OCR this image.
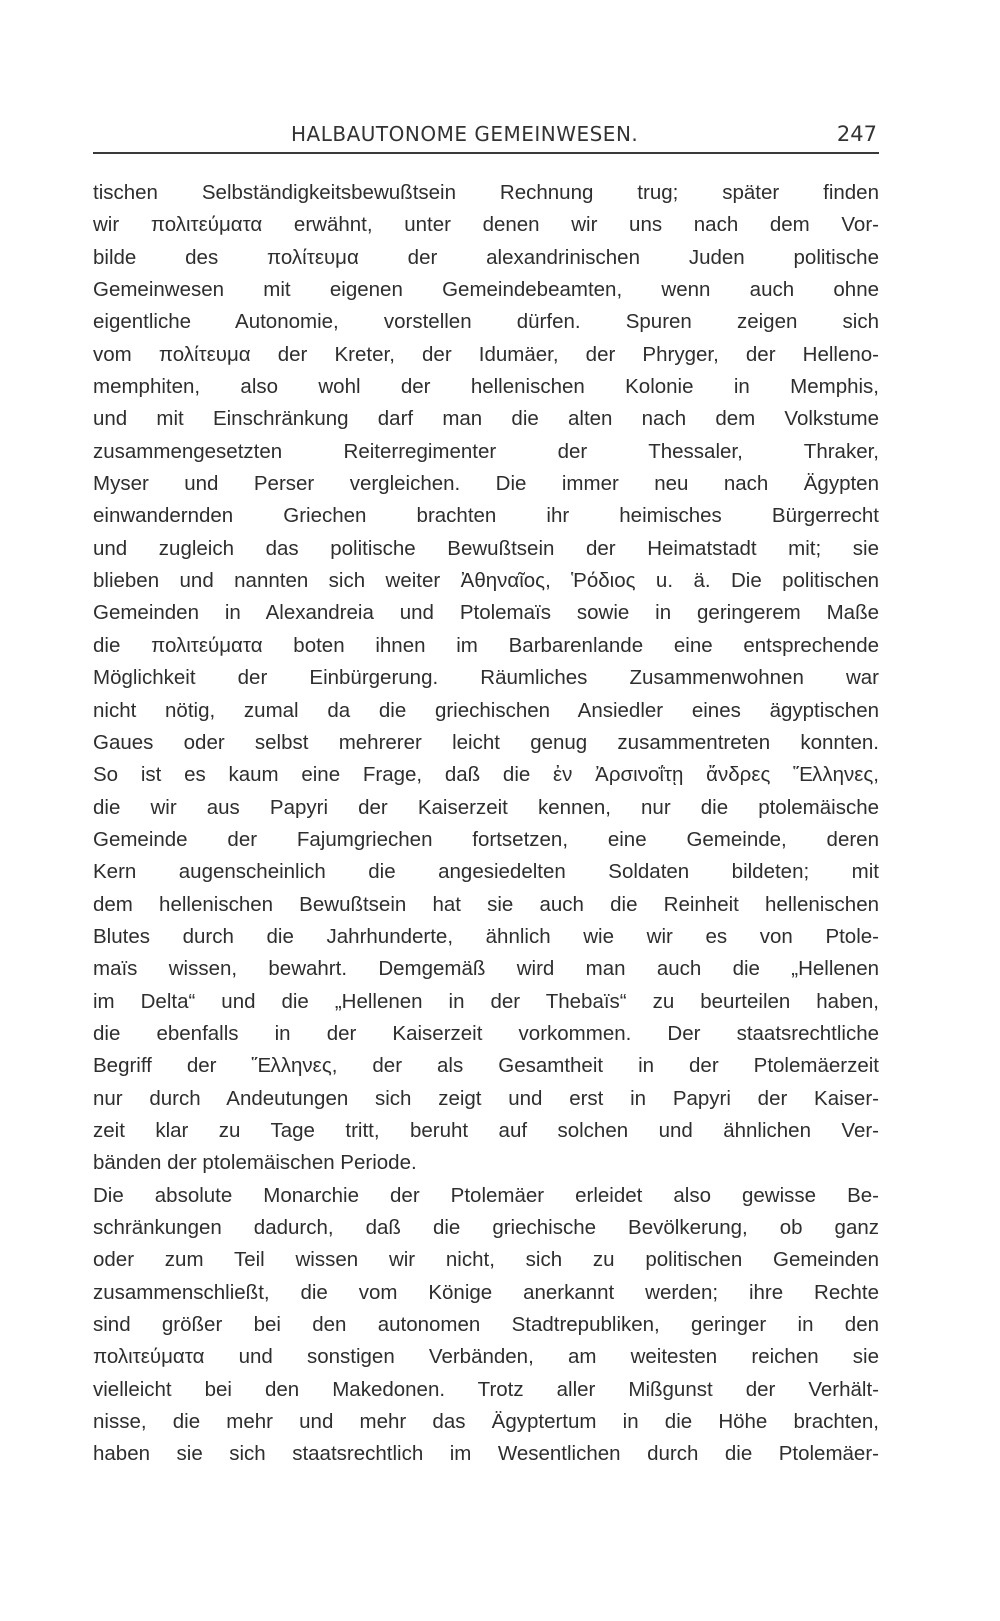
HALBAUTONOME GEMEINWESEN.	247
tischen Selbständigkeitsbewußtsein Rechnung trug; später finden
wir πολιτεύματα erwähnt, unter denen wir uns nach dem Vor-
bilde des πολίτευμα der alexandrinischen Juden politische
Gemeinwesen mit eigenen Gemeindebeamten, wenn auch ohne
eigentliche Autonomie, vorstellen dürfen. Spuren zeigen sich
vom πολίτευμα der Kreter, der Idumäer, der Phryger, der Helleno-
memphiten, also wohl der hellenischen Kolonie in Memphis,
und mit Einschränkung darf man die alten nach dem Volkstume
zusammengesetzten Reiterregimenter der Thessaler, Thraker,
Myser und Perser vergleichen. Die immer neu nach Ägypten
einwandernden Griechen brachten ihr heimisches Bürgerrecht
und zugleich das politische Bewußtsein der Heimatstadt mit; sie
blieben und nannten sich weiter Ἀθηναῖος, Ῥόδιος u. ä. Die politischen
Gemeinden in Alexandreia und Ptolemaïs sowie in geringerem Maße
die πολιτεύματα boten ihnen im Barbarenlande eine entsprechende
Möglichkeit der Einbürgerung. Räumliches Zusammenwohnen war
nicht nötig, zumal da die griechischen Ansiedler eines ägyptischen
Gaues oder selbst mehrerer leicht genug zusammentreten konnten.
So ist es kaum eine Frage, daß die ἐν Ἀρσινοΐτῃ ἄνδρες Ἕλληνες,
die wir aus Papyri der Kaiserzeit kennen, nur die ptolemäische
Gemeinde der Fajumgriechen fortsetzen, eine Gemeinde, deren
Kern augenscheinlich die angesiedelten Soldaten bildeten; mit
dem hellenischen Bewußtsein hat sie auch die Reinheit hellenischen
Blutes durch die Jahrhunderte, ähnlich wie wir es von Ptole-
maïs wissen, bewahrt. Demgemäß wird man auch die „Hellenen
im Delta“ und die „Hellenen in der Thebaïs“ zu beurteilen haben,
die ebenfalls in der Kaiserzeit vorkommen. Der staatsrechtliche
Begriff der Ἕλληνες, der als Gesamtheit in der Ptolemäerzeit
nur durch Andeutungen sich zeigt und erst in Papyri der Kaiser-
zeit klar zu Tage tritt, beruht auf solchen und ähnlichen Ver-
bänden der ptolemäischen Periode.
Die absolute Monarchie der Ptolemäer erleidet also gewisse Be-
schränkungen dadurch, daß die griechische Bevölkerung, ob ganz
oder zum Teil wissen wir nicht, sich zu politischen Gemeinden
zusammenschließt, die vom Könige anerkannt werden; ihre Rechte
sind größer bei den autonomen Stadtrepubliken, geringer in den
πολιτεύματα und sonstigen Verbänden, am weitesten reichen sie
vielleicht bei den Makedonen. Trotz aller Mißgunst der Verhält-
nisse, die mehr und mehr das Ägyptertum in die Höhe brachten,
haben sie sich staatsrechtlich im Wesentlichen durch die Ptolemäer-
